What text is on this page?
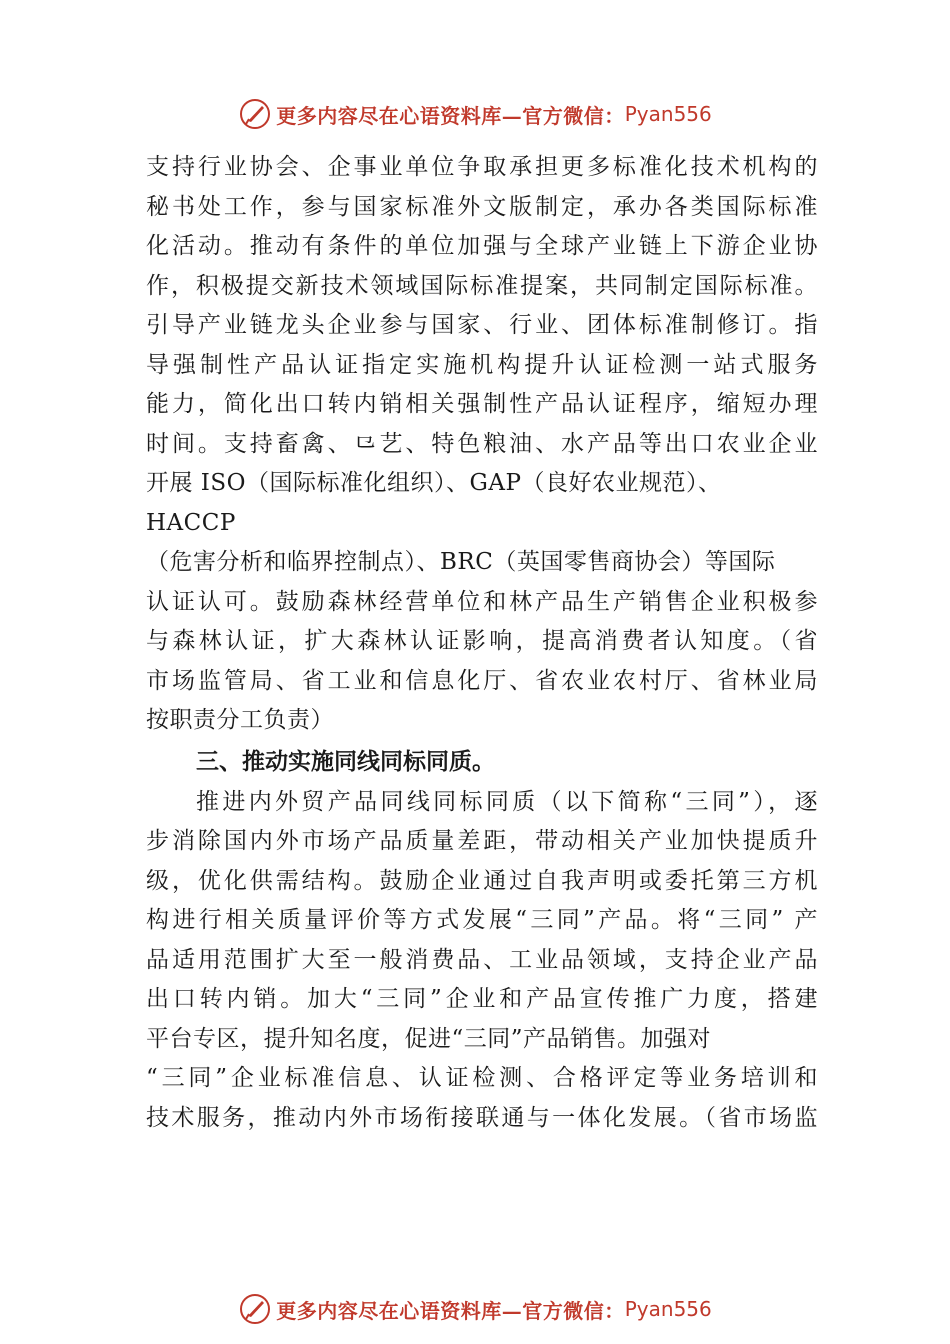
更多内容尽在心语资料库—官方微信： Pyan556
支持行业协会、企事业单位争取承担更多标准化技术机构的
秘书处工作，参与国家标准外文版制定，承办各类国际标准
化活动。推动有条件的单位加强与全球产业链上下游企业协
作，积极提交新技术领域国际标准提案，共同制定国际标准。
引导产业链龙头企业参与国家、行业、团体标准制修订。指
导强制性产品认证指定实施机构提升认证检测一站式服务
能力，简化出口转内销相关强制性产品认证程序，缩短办理
时间。支持畜禽、⺋艺、特色粮油、水产品等出口农业企业
开展 ISO（国际标准化组织）、GAP（良好农业规范）、
HACCP
（危害分析和临界控制点）、BRC（英国零售商协会）等国际
认证认可。鼓励森林经营单位和林产品生产销售企业积极参
与森林认证，扩大森林认证影响，提高消费者认知度。（省
市场监管局、省工业和信息化厅、省农业农村厅、省林业局
按职责分工负责）
三、推动实施同线同标同质。
推进内外贸产品同线同标同质（以下简称“三同”），逐
步消除国内外市场产品质量差距，带动相关产业加快提质升
级，优化供需结构。鼓励企业通过自我声明或委托第三方机
构进行相关质量评价等方式发展“三同”产品。将“三同” 产
品适用范围扩大至一般消费品、工业品领域，支持企业产品
出口转内销。加大“三同”企业和产品宣传推广力度，搭建
平台专区，提升知名度，促进“三同”产品销售。加强对
“三同”企业标准信息、认证检测、合格评定等业务培训和
技术服务，推动内外市场衔接联通与一体化发展。（省市场监
更多内容尽在心语资料库—官方微信： Pyan556
